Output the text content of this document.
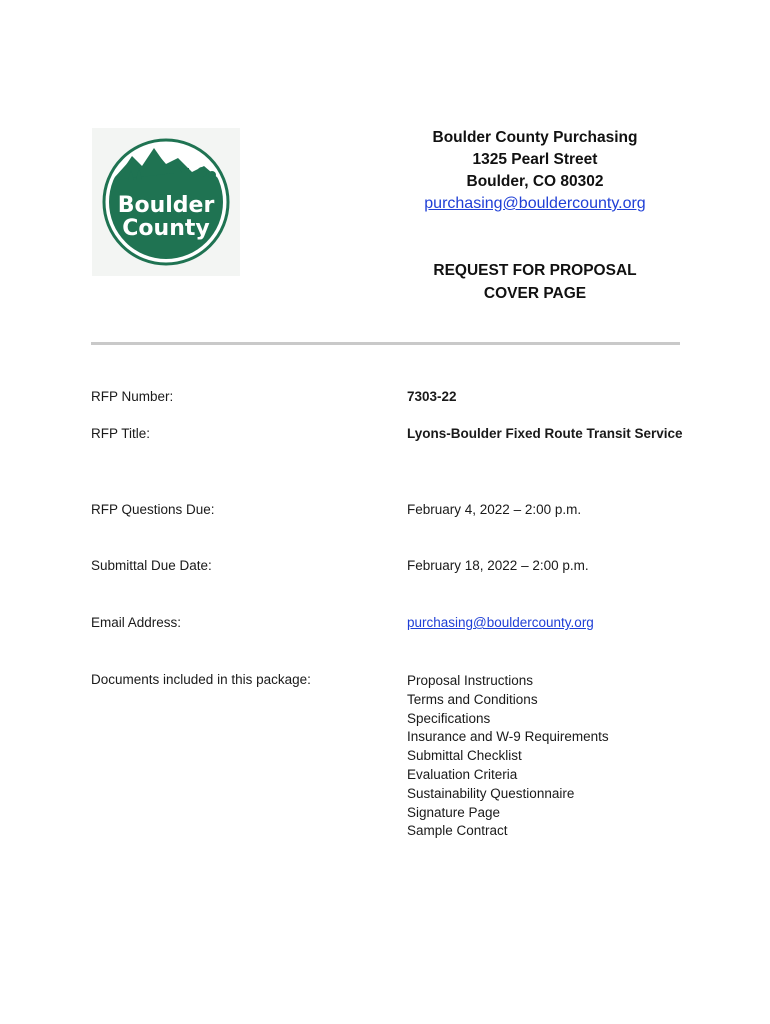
Boulder
County
Boulder County Purchasing
1325 Pearl Street
Boulder, CO 80302
purchasing@bouldercounty.org
REQUEST FOR PROPOSAL
COVER PAGE
RFP Number:	7303-22
RFP Title:	Lyons-Boulder Fixed Route Transit Service
RFP Questions Due:	February 4, 2022 – 2:00 p.m.
Submittal Due Date:	February 18, 2022 – 2:00 p.m.
Email Address:	purchasing@bouldercounty.org
Documents included in this package:	Proposal Instructions
Terms and Conditions
Specifications
Insurance and W-9 Requirements
Submittal Checklist
Evaluation Criteria
Sustainability Questionnaire
Signature Page
Sample Contract
